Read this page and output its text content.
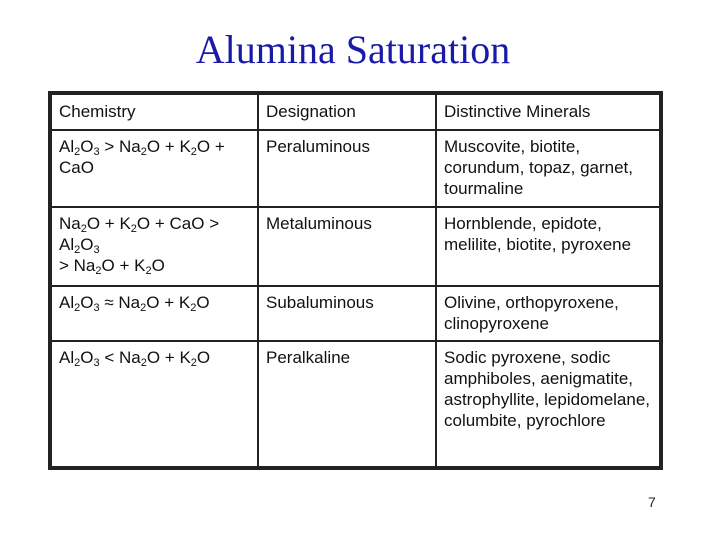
Alumina Saturation
Chemistry	Designation	Distinctive Minerals
$Al_2O_3 > Na_2O + K_2O$ +
CaO	Peraluminous	Muscovite, biotite, corundum, topaz, garnet, tourmaline
$Na_2O + K_2O$ + CaO >
$Al_2O_3$
> $Na_2O + K_2O$	Metaluminous	Hornblende, epidote, melilite, biotite, pyroxene
$Al_2O_3 \approx Na_2O + K_2O$	Subaluminous	Olivine, orthopyroxene, clinopyroxene
$Al_2O_3 < Na_2O + K_2O$	Peralkaline	Sodic pyroxene, sodic amphiboles, aenigmatite, astrophyllite, lepidomelane, columbite, pyrochlore
7
